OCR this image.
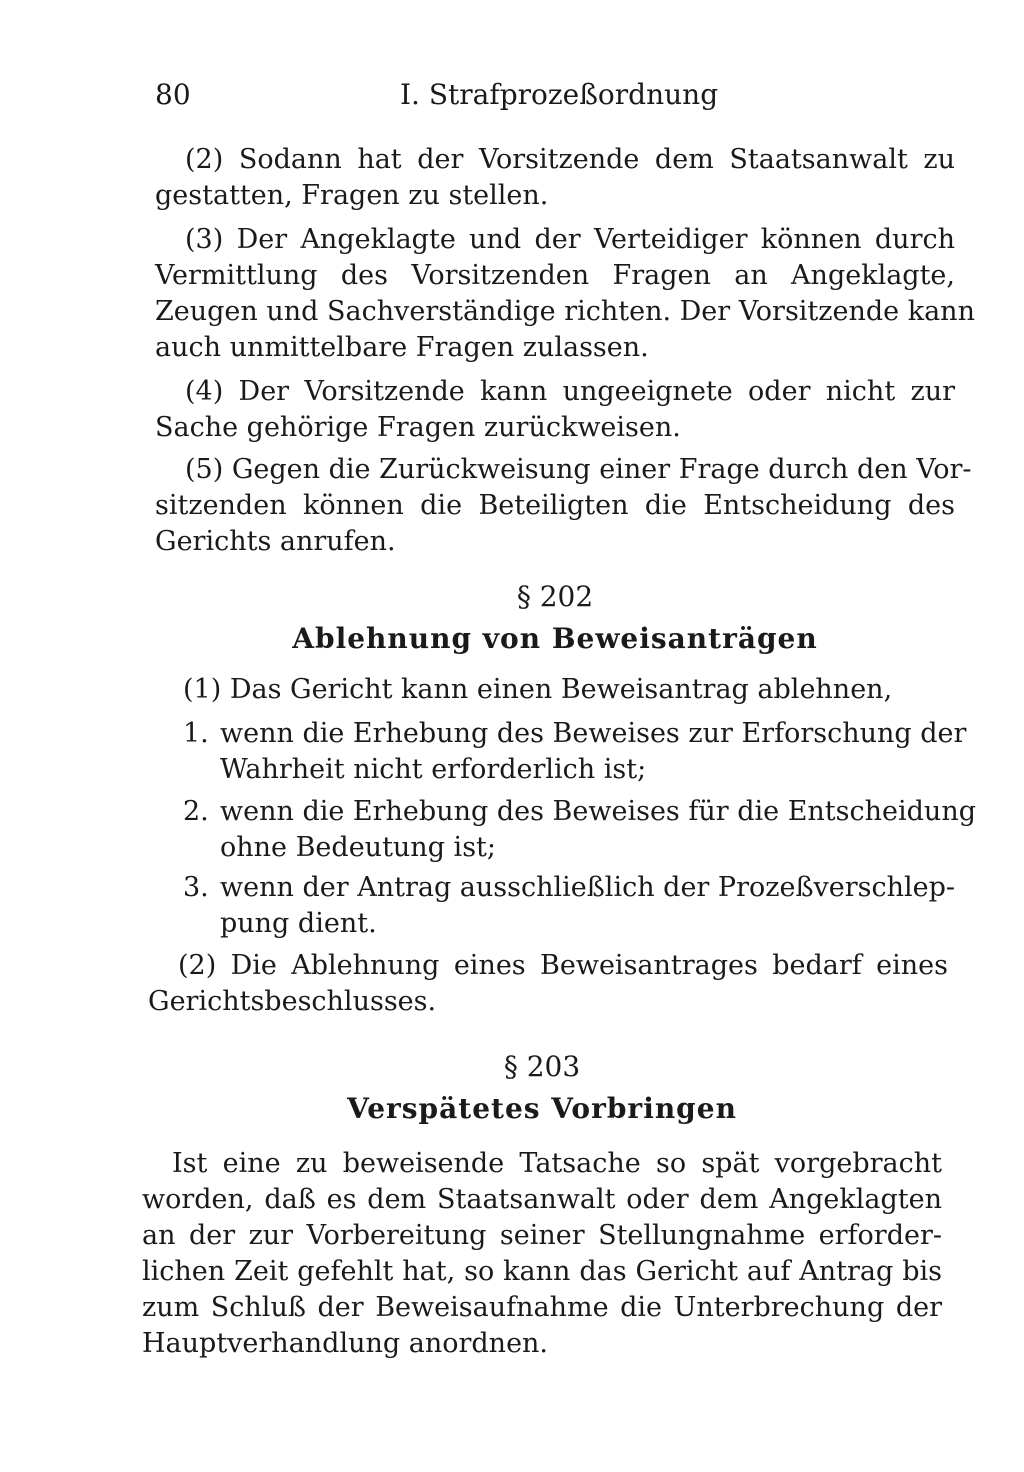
80	I. Strafprozeßordnung
(2) Sodann hat der Vorsitzende dem Staatsanwalt zu
gestatten, Fragen zu stellen.
(3) Der Angeklagte und der Verteidiger können durch
Vermittlung des Vorsitzenden Fragen an Angeklagte,
Zeugen und Sachverständige richten. Der Vorsitzende kann
auch unmittelbare Fragen zulassen.
(4) Der Vorsitzende kann ungeeignete oder nicht zur
Sache gehörige Fragen zurückweisen.
(5) Gegen die Zurückweisung einer Frage durch den Vor-
sitzenden können die Beteiligten die Entscheidung des
Gerichts anrufen.
§ 202
Ablehnung von Beweisanträgen
(1) Das Gericht kann einen Beweisantrag ablehnen,
1. wenn die Erhebung des Beweises zur Erforschung der
Wahrheit nicht erforderlich ist;
2. wenn die Erhebung des Beweises für die Entscheidung
ohne Bedeutung ist;
3. wenn der Antrag ausschließlich der Prozeßverschlep-
pung dient.
(2) Die Ablehnung eines Beweisantrages bedarf eines
Gerichtsbeschlusses.
§ 203
Verspätetes Vorbringen
Ist eine zu beweisende Tatsache so spät vorgebracht
worden, daß es dem Staatsanwalt oder dem Angeklagten
an der zur Vorbereitung seiner Stellungnahme erforder-
lichen Zeit gefehlt hat, so kann das Gericht auf Antrag bis
zum Schluß der Beweisaufnahme die Unterbrechung der
Hauptverhandlung anordnen.
